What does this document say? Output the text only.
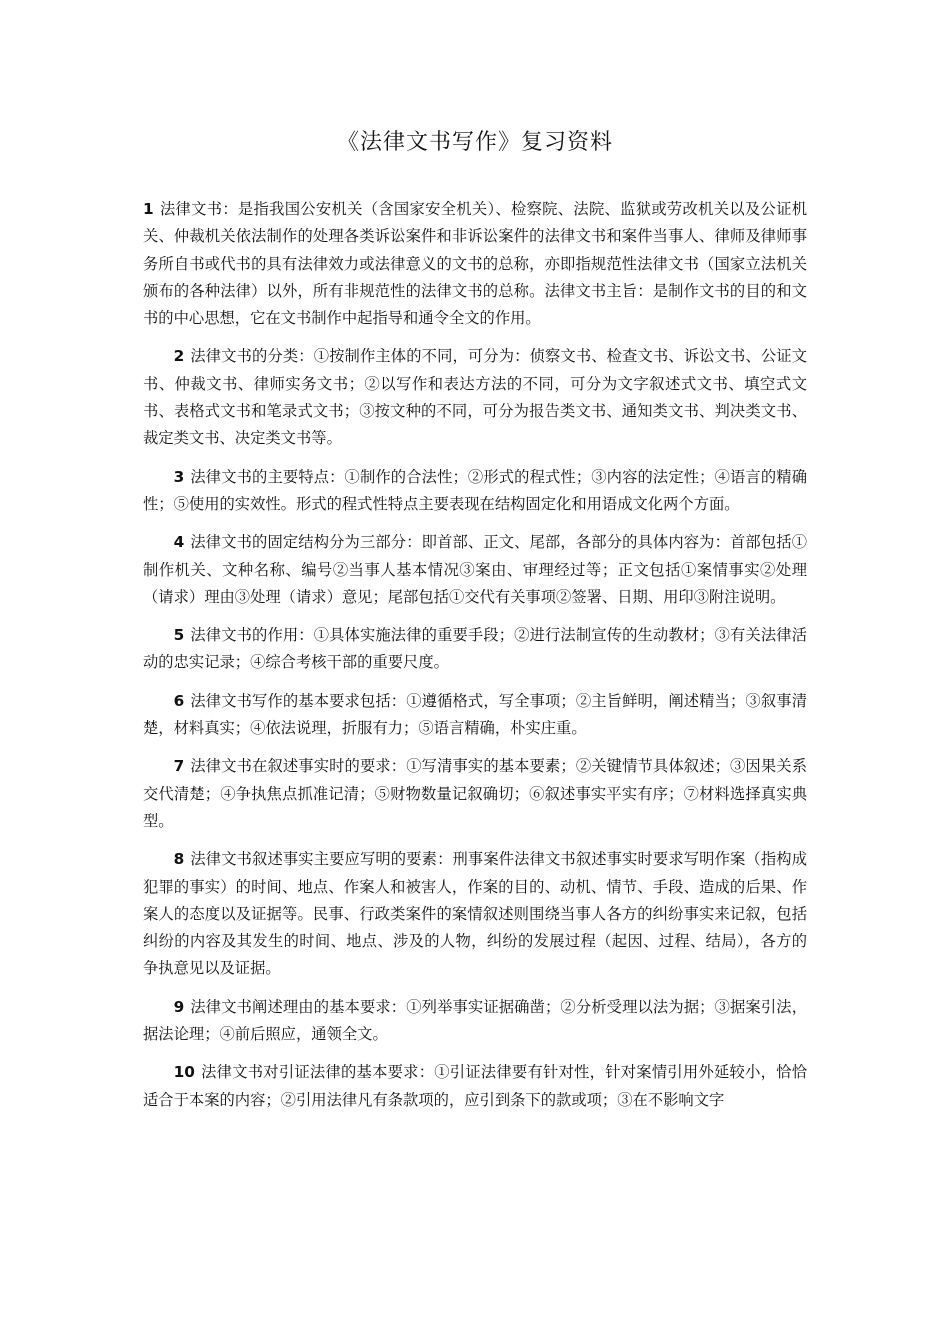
《法律文书写作》复习资料

1 法律文书：是指我国公安机关（含国家安全机关）、检察院、法院、监狱或劳改机关以及公证机关、仲裁机关依法制作的处理各类诉讼案件和非诉讼案件的法律文书和案件当事人、律师及律师事务所自书或代书的具有法律效力或法律意义的文书的总称，亦即指规范性法律文书（国家立法机关颁布的各种法律）以外，所有非规范性的法律文书的总称。法律文书主旨：是制作文书的目的和文书的中心思想，它在文书制作中起指导和通令全文的作用。

2 法律文书的分类：①按制作主体的不同，可分为：侦察文书、检查文书、诉讼文书、公证文书、仲裁文书、律师实务文书；②以写作和表达方法的不同，可分为文字叙述式文书、填空式文书、表格式文书和笔录式文书；③按文种的不同，可分为报告类文书、通知类文书、判决类文书、裁定类文书、决定类文书等。

3 法律文书的主要特点：①制作的合法性；②形式的程式性；③内容的法定性；④语言的精确性；⑤使用的实效性。形式的程式性特点主要表现在结构固定化和用语成文化两个方面。

4 法律文书的固定结构分为三部分：即首部、正文、尾部，各部分的具体内容为：首部包括①制作机关、文种名称、编号②当事人基本情况③案由、审理经过等；正文包括①案情事实②处理（请求）理由③处理（请求）意见；尾部包括①交代有关事项②签署、日期、用印③附注说明。

5 法律文书的作用：①具体实施法律的重要手段；②进行法制宣传的生动教材；③有关法律活动的忠实记录；④综合考核干部的重要尺度。

6 法律文书写作的基本要求包括：①遵循格式，写全事项；②主旨鲜明，阐述精当；③叙事清楚，材料真实；④依法说理，折服有力；⑤语言精确，朴实庄重。

7 法律文书在叙述事实时的要求：①写清事实的基本要素；②关键情节具体叙述；③因果关系交代清楚；④争执焦点抓准记清；⑤财物数量记叙确切；⑥叙述事实平实有序；⑦材料选择真实典型。

8 法律文书叙述事实主要应写明的要素：刑事案件法律文书叙述事实时要求写明作案（指构成犯罪的事实）的时间、地点、作案人和被害人，作案的目的、动机、情节、手段、造成的后果、作案人的态度以及证据等。民事、行政类案件的案情叙述则围绕当事人各方的纠纷事实来记叙，包括纠纷的内容及其发生的时间、地点、涉及的人物，纠纷的发展过程（起因、过程、结局），各方的争执意见以及证据。

9 法律文书阐述理由的基本要求：①列举事实证据确凿；②分析受理以法为据；③据案引法，据法论理；④前后照应，通领全文。

10 法律文书对引证法律的基本要求：①引证法律要有针对性，针对案情引用外延较小，恰恰适合于本案的内容；②引用法律凡有条款项的，应引到条下的款或项；③在不影响文字
